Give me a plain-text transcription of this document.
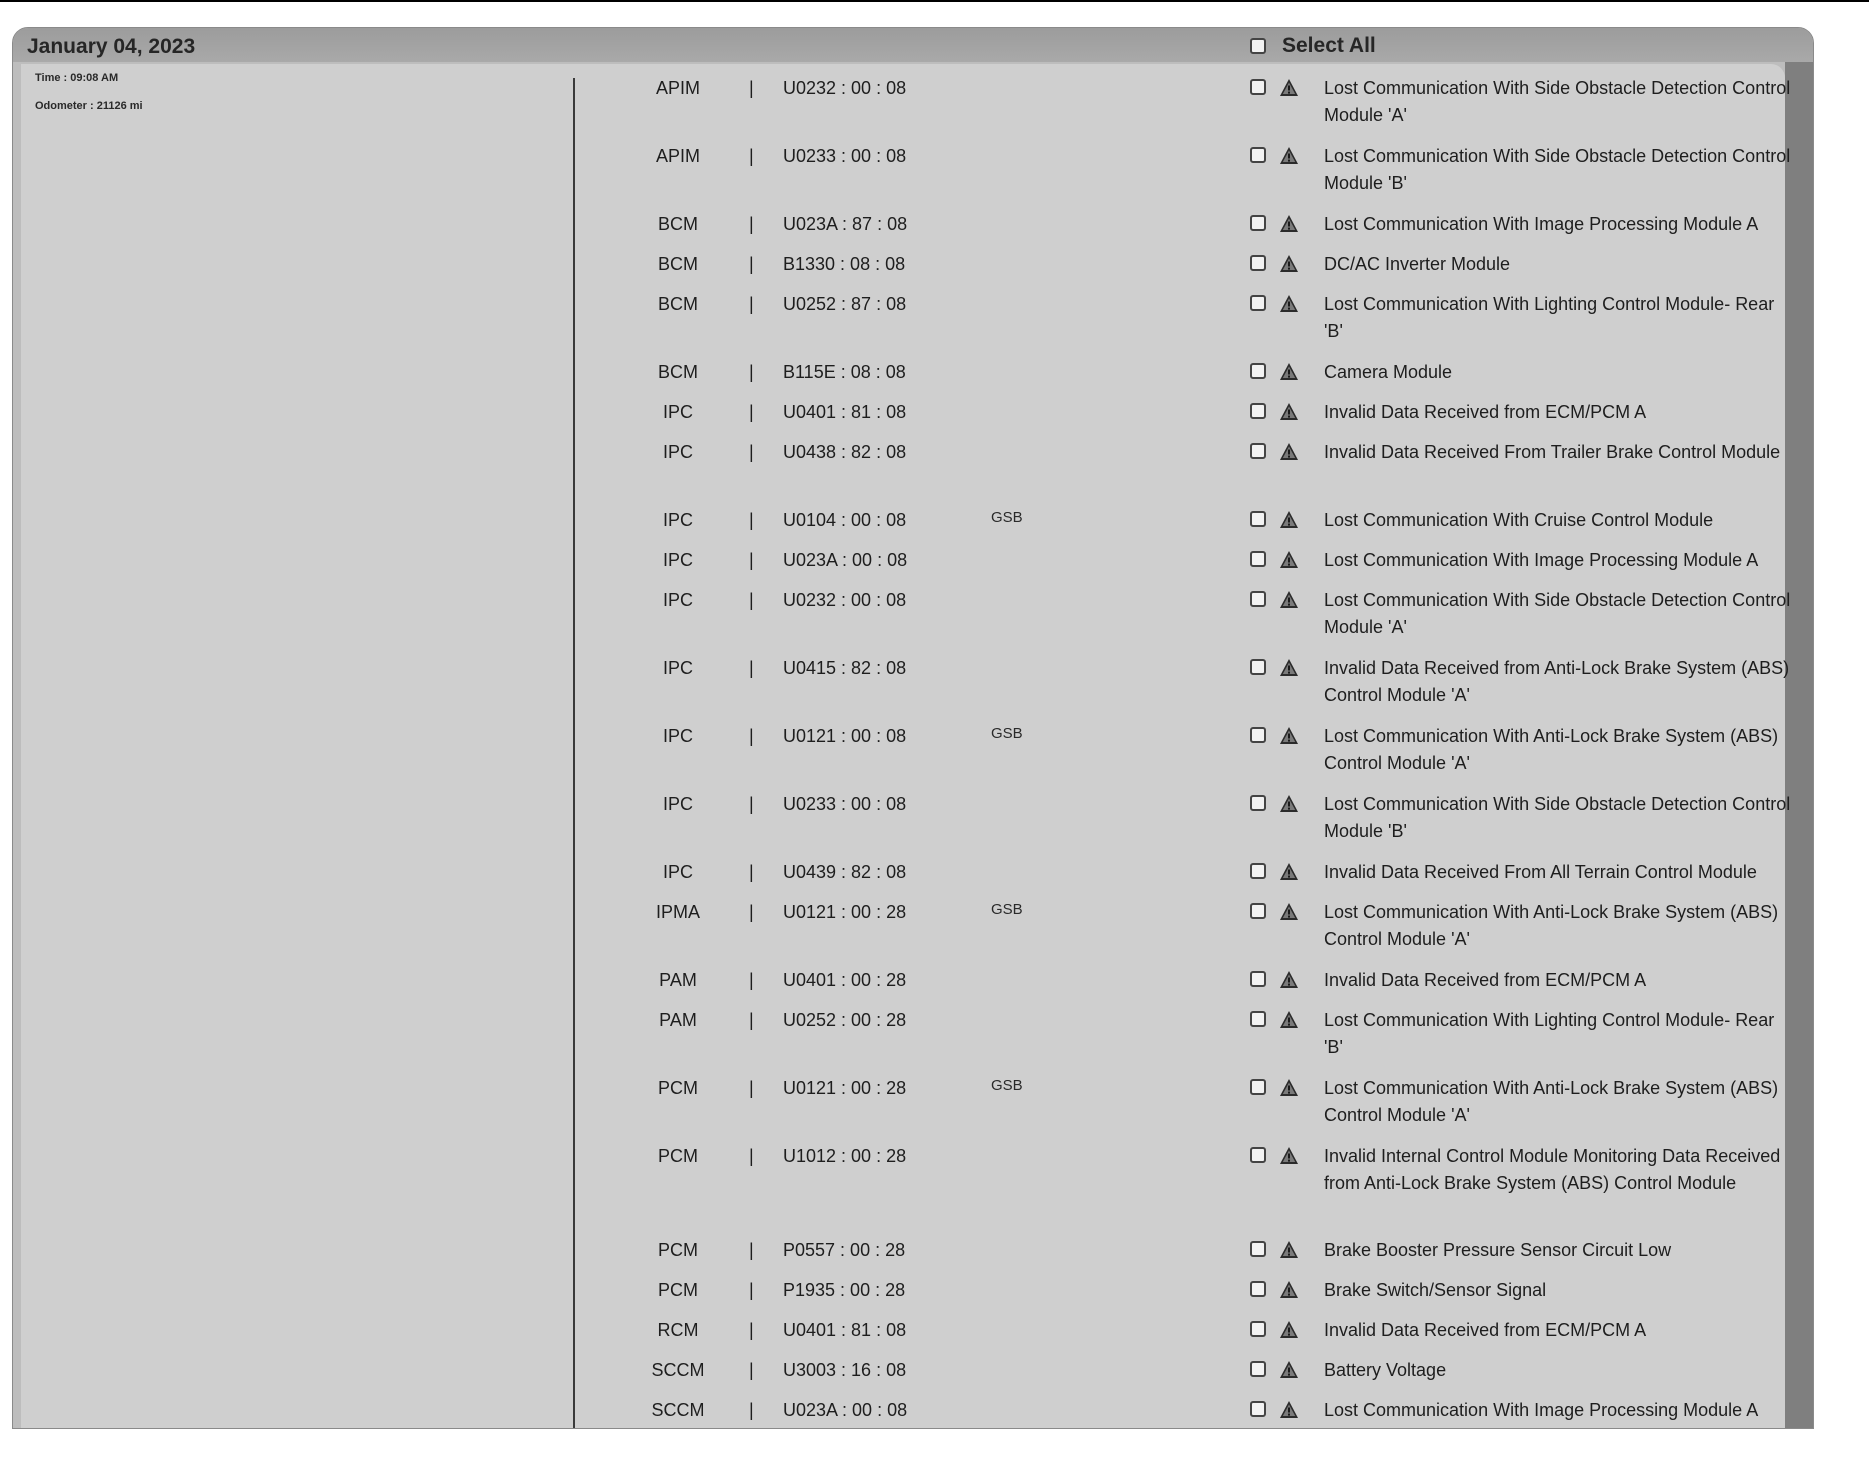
January 04, 2023	Select All
Time : 09:08 AM
Odometer : 21126 mi
APIM	| U0232 : 00 : 08	Lost Communication With Side Obstacle Detection Control Module 'A'
APIM	| U0233 : 00 : 08	Lost Communication With Side Obstacle Detection Control Module 'B'
BCM	| U023A : 87 : 08	Lost Communication With Image Processing Module A
BCM	| B1330 : 08 : 08	DC/AC Inverter Module
BCM	| U0252 : 87 : 08	Lost Communication With Lighting Control Module- Rear 'B'
BCM	| B115E : 08 : 08	Camera Module
IPC	| U0401 : 81 : 08	Invalid Data Received from ECM/PCM A
IPC	| U0438 : 82 : 08	Invalid Data Received From Trailer Brake Control Module
IPC	| U0104 : 00 : 08	GSB	Lost Communication With Cruise Control Module
IPC	| U023A : 00 : 08	Lost Communication With Image Processing Module A
IPC	| U0232 : 00 : 08	Lost Communication With Side Obstacle Detection Control Module 'A'
IPC	| U0415 : 82 : 08	Invalid Data Received from Anti-Lock Brake System (ABS) Control Module 'A'
IPC	| U0121 : 00 : 08	GSB	Lost Communication With Anti-Lock Brake System (ABS) Control Module 'A'
IPC	| U0233 : 00 : 08	Lost Communication With Side Obstacle Detection Control Module 'B'
IPC	| U0439 : 82 : 08	Invalid Data Received From All Terrain Control Module
IPMA	| U0121 : 00 : 28	GSB	Lost Communication With Anti-Lock Brake System (ABS) Control Module 'A'
PAM	| U0401 : 00 : 28	Invalid Data Received from ECM/PCM A
PAM	| U0252 : 00 : 28	Lost Communication With Lighting Control Module- Rear 'B'
PCM	| U0121 : 00 : 28	GSB	Lost Communication With Anti-Lock Brake System (ABS) Control Module 'A'
PCM	| U1012 : 00 : 28	Invalid Internal Control Module Monitoring Data Received from Anti-Lock Brake System (ABS) Control Module
PCM	| P0557 : 00 : 28	Brake Booster Pressure Sensor Circuit Low
PCM	| P1935 : 00 : 28	Brake Switch/Sensor Signal
RCM	| U0401 : 81 : 08	Invalid Data Received from ECM/PCM A
SCCM	| U3003 : 16 : 08	Battery Voltage
SCCM	| U023A : 00 : 08	Lost Communication With Image Processing Module A
